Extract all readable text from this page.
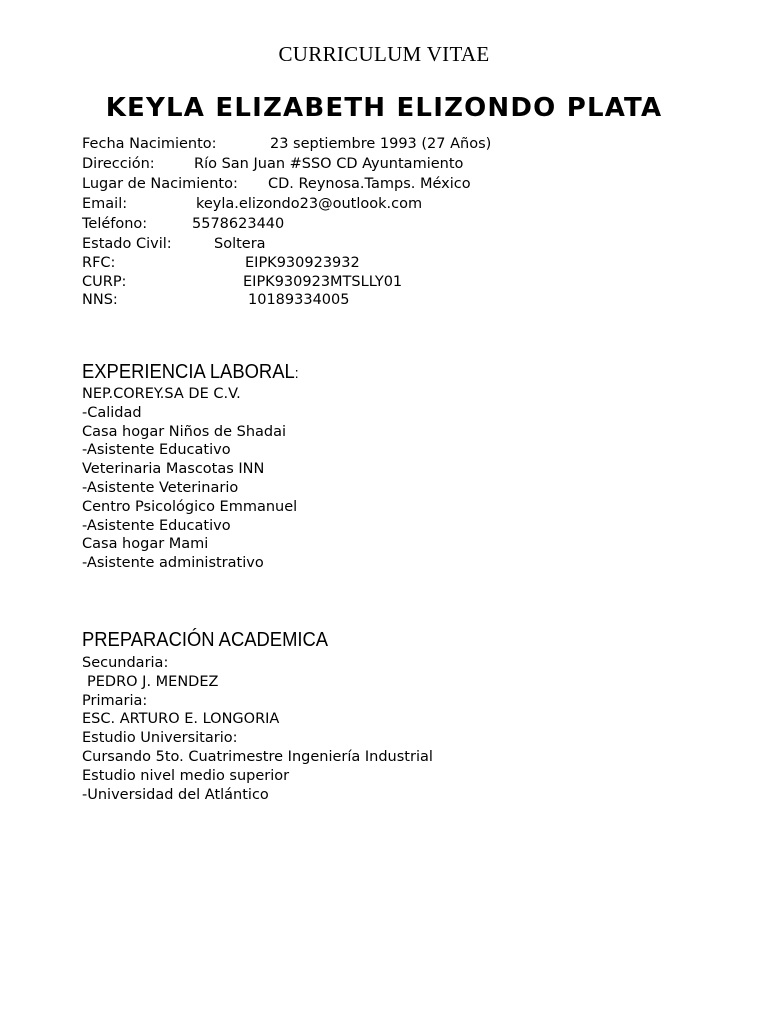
CURRICULUM VITAE
KEYLA ELIZABETH ELIZONDO PLATA
Fecha Nacimiento:	23 septiembre 1993 (27 Años)
Dirección:	Río San Juan #SSO CD Ayuntamiento
Lugar de Nacimiento: CD. Reynosa.Tamps. México
Email:	keyla.elizondo23@outlook.com
Teléfono:	5578623440
Estado Civil:	Soltera
RFC:	EIPK930923932
CURP:	EIPK930923MTSLLY01
NNS:	10189334005
EXPERIENCIA LABORAL:
NEP.COREY.SA DE C.V.
-Calidad
Casa hogar Niños de Shadai
-Asistente Educativo
Veterinaria Mascotas INN
-Asistente Veterinario
Centro Psicológico Emmanuel
-Asistente Educativo
Casa hogar Mami
-Asistente administrativo
PREPARACIÓN ACADEMICA
Secundaria:
PEDRO J. MENDEZ
Primaria:
ESC. ARTURO E. LONGORIA
Estudio Universitario:
Cursando 5to. Cuatrimestre Ingeniería Industrial
Estudio nivel medio superior
-Universidad del Atlántico
